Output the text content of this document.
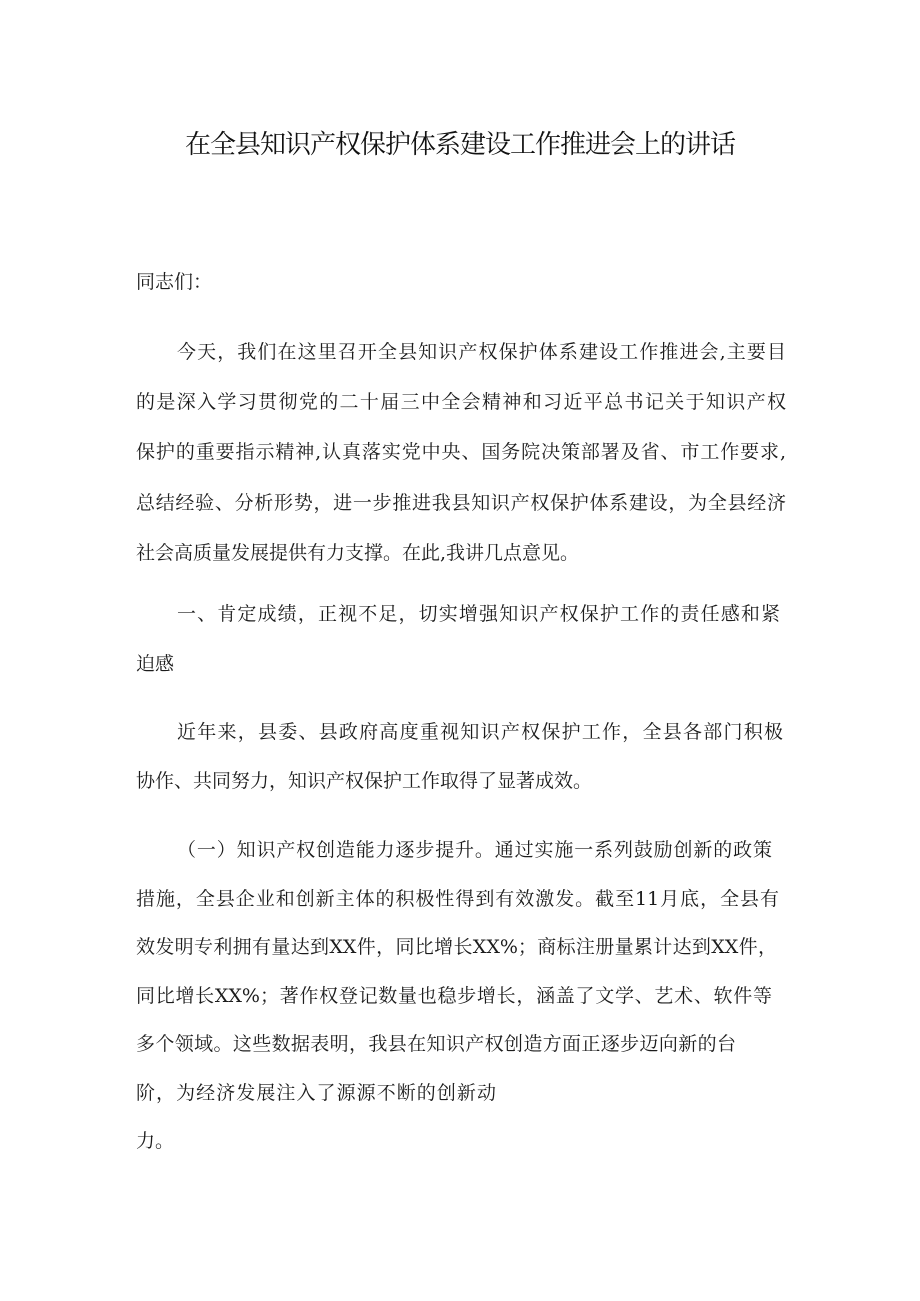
在全县知识产权保护体系建设工作推进会上的讲话
同志们：
今天，我们在这里召开全县知识产权保护体系建设工作推进会,主要目
的是深入学习贯彻党的二十届三中全会精神和习近平总书记关于知识产权
保护的重要指示精神,认真落实党中央、国务院决策部署及省、市工作要求,
总结经验、分析形势，进一步推进我县知识产权保护体系建设，为全县经济
社会高质量发展提供有力支撑。在此,我讲几点意见。
一、肯定成绩，正视不足，切实增强知识产权保护工作的责任感和紧
迫感
近年来，县委、县政府高度重视知识产权保护工作，全县各部门积极
协作、共同努力，知识产权保护工作取得了显著成效。
（一）知识产权创造能力逐步提升。通过实施一系列鼓励创新的政策
措施，全县企业和创新主体的积极性得到有效激发。截至11月底，全县有
效发明专利拥有量达到XX件，同比增长XX%；商标注册量累计达到XX件，
同比增长XX%；著作权登记数量也稳步增长，涵盖了文学、艺术、软件等
多个领域。这些数据表明，我县在知识产权创造方面正逐步迈向新的台
阶，为经济发展注入了源源不断的创新动
力。
